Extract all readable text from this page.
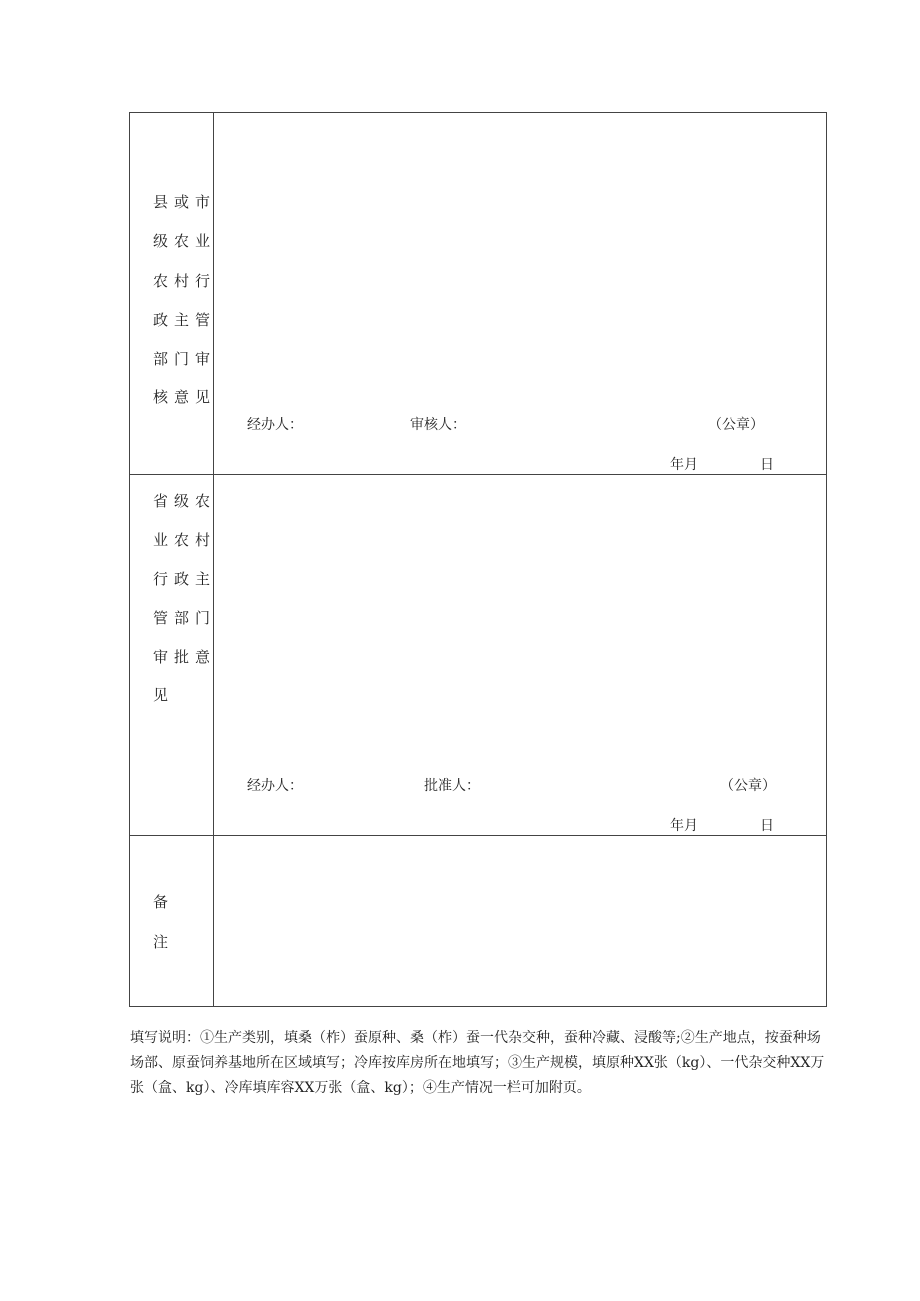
县或市
级农业
农村行
政主管
部门审
核意见
经办人：	审核人：	（公章）
年月	日
省级农
业农村
行政主
管部门
审批意
见
经办人：	批准人：	（公章）
年月	日
备
注
填写说明：①生产类别，填桑（柞）蚕原种、桑（柞）蚕一代杂交种，蚕种冷藏、浸酸等;②生产地点，按蚕种场场部、原蚕饲养基地所在区域填写；冷库按库房所在地填写；③生产规模，填原种XX张（kg）、一代杂交种XX万张（盒、kg）、冷库填库容XX万张（盒、kg）；④生产情况一栏可加附页。
